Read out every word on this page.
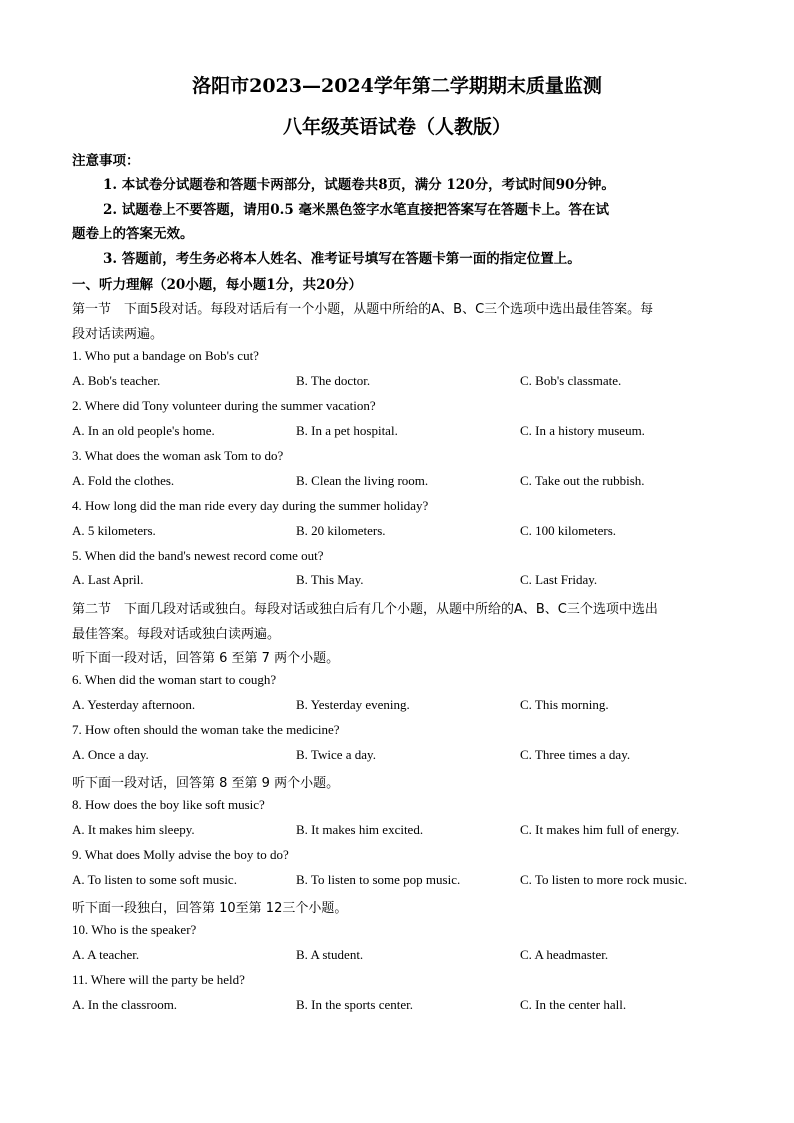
洛阳市2023—2024学年第二学期期末质量监测
八年级英语试卷（人教版）
注意事项：
1. 本试卷分试题卷和答题卡两部分，试题卷共8页，满分 120分，考试时间90分钟。
2. 试题卷上不要答题，请用0.5 毫米黑色签字水笔直接把答案写在答题卡上。答在试
题卷上的答案无效。
3. 答题前，考生务必将本人姓名、准考证号填写在答题卡第一面的指定位置上。
一、听力理解（20小题，每小题1分，共20分）
第一节　下面5段对话。每段对话后有一个小题，从题中所给的A、B、C三个选项中选出最佳答案。每
段对话读两遍。
1. Who put a bandage on Bob's cut?
A. Bob's teacher.	B. The doctor.	C. Bob's classmate.
2. Where did Tony volunteer during the summer vacation?
A. In an old people's home.	B. In a pet hospital.	C. In a history museum.
3. What does the woman ask Tom to do?
A. Fold the clothes.	B. Clean the living room.	C. Take out the rubbish.
4. How long did the man ride every day during the summer holiday?
A. 5 kilometers.	B. 20 kilometers.	C. 100 kilometers.
5. When did the band's newest record come out?
A. Last April.	B. This May.	C. Last Friday.
第二节　下面几段对话或独白。每段对话或独白后有几个小题，从题中所给的A、B、C三个选项中选出
最佳答案。每段对话或独白读两遍。
听下面一段对话，回答第 6 至第 7 两个小题。
6. When did the woman start to cough?
A. Yesterday afternoon.	B. Yesterday evening.	C. This morning.
7. How often should the woman take the medicine?
A. Once a day.	B. Twice a day.	C. Three times a day.
听下面一段对话，回答第 8 至第 9 两个小题。
8. How does the boy like soft music?
A. It makes him sleepy.	B. It makes him excited.	C. It makes him full of energy.
9. What does Molly advise the boy to do?
A. To listen to some soft music.	B. To listen to some pop music.	C. To listen to more rock music.
听下面一段独白，回答第 10至第 12三个小题。
10. Who is the speaker?
A. A teacher.	B. A student.	C. A headmaster.
11. Where will the party be held?
A. In the classroom.	B. In the sports center.	C. In the center hall.
